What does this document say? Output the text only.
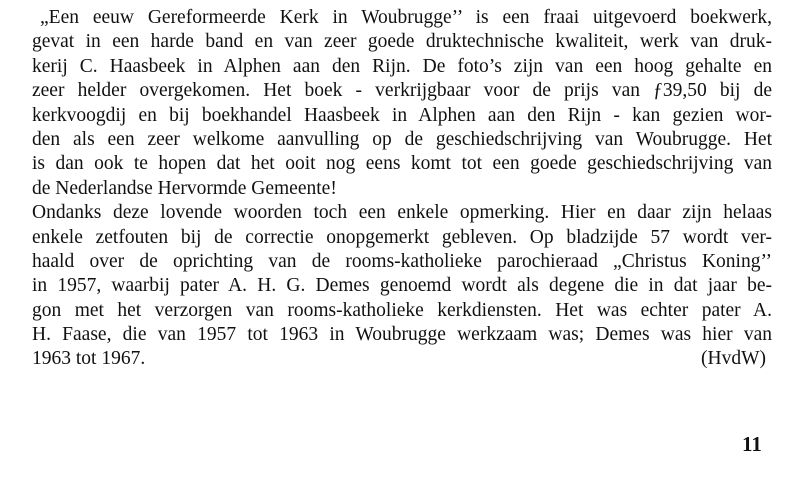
„Een eeuw Gereformeerde Kerk in Woubrugge’’ is een fraai uitgevoerd boekwerk,
gevat in een harde band en van zeer goede druktechnische kwaliteit, werk van druk-
kerij C. Haasbeek in Alphen aan den Rijn. De foto’s zijn van een hoog gehalte en
zeer helder overgekomen. Het boek - verkrijgbaar voor de prijs van ƒ39,50 bij de
kerkvoogdij en bij boekhandel Haasbeek in Alphen aan den Rijn - kan gezien wor-
den als een zeer welkome aanvulling op de geschiedschrijving van Woubrugge. Het
is dan ook te hopen dat het ooit nog eens komt tot een goede geschiedschrijving van
de Nederlandse Hervormde Gemeente!
Ondanks deze lovende woorden toch een enkele opmerking. Hier en daar zijn helaas
enkele zetfouten bij de correctie onopgemerkt gebleven. Op bladzijde 57 wordt ver-
haald over de oprichting van de rooms-katholieke parochieraad „Christus Koning’’
in 1957, waarbij pater A. H. G. Demes genoemd wordt als degene die in dat jaar be-
gon met het verzorgen van rooms-katholieke kerkdiensten. Het was echter pater A.
H. Faase, die van 1957 tot 1963 in Woubrugge werkzaam was; Demes was hier van
1963 tot 1967.	(HvdW)
11
